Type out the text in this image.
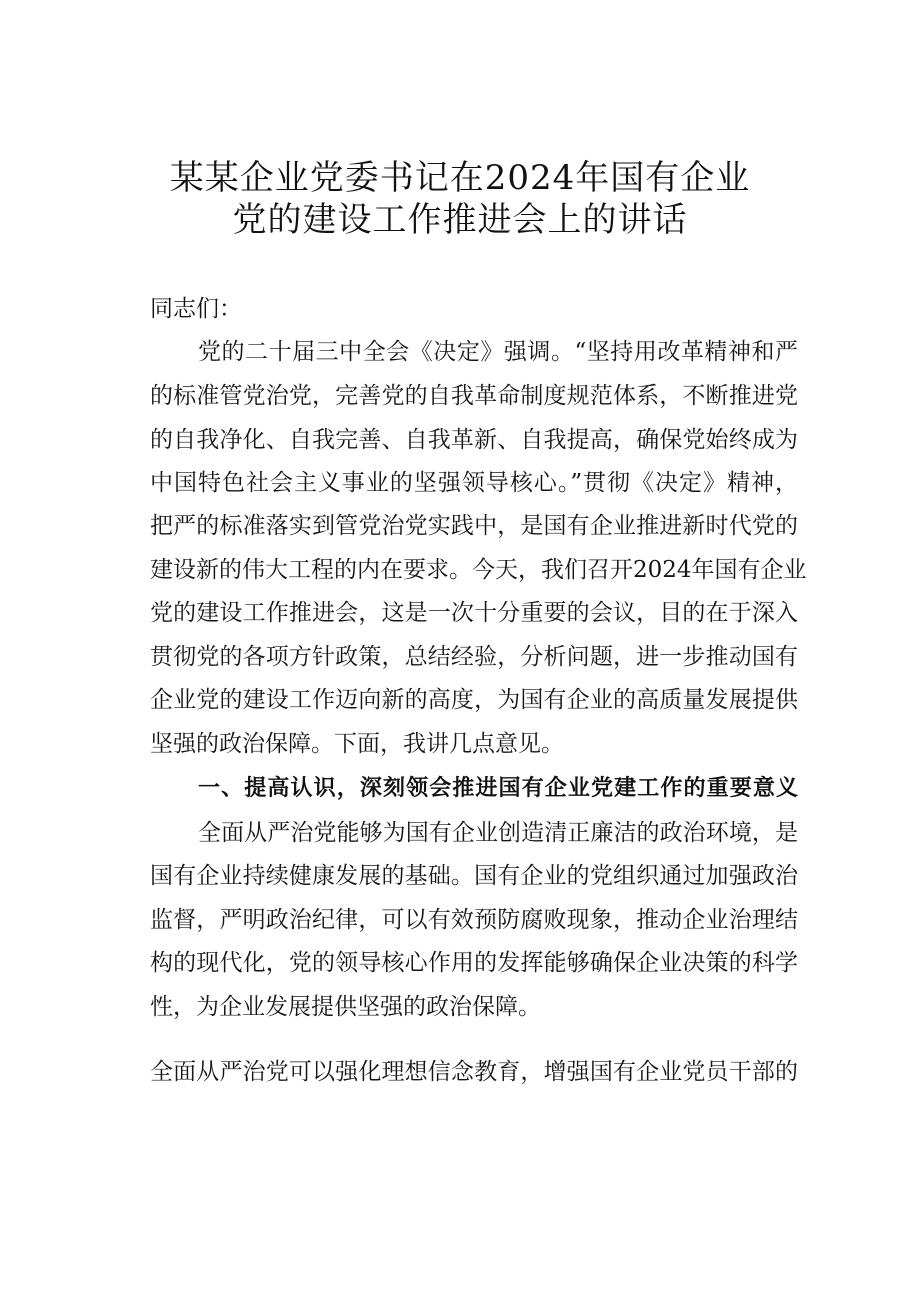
某某企业党委书记在2024年国有企业
党的建设工作推进会上的讲话
同志们：
党的二十届三中全会《决定》强调。“坚持用改革精神和严
的标准管党治党，完善党的自我革命制度规范体系，不断推进党
的自我净化、自我完善、自我革新、自我提高，确保党始终成为
中国特色社会主义事业的坚强领导核心。”贯彻《决定》精神，
把严的标准落实到管党治党实践中，是国有企业推进新时代党的
建设新的伟大工程的内在要求。今天，我们召开2024年国有企业
党的建设工作推进会，这是一次十分重要的会议，目的在于深入
贯彻党的各项方针政策，总结经验，分析问题，进一步推动国有
企业党的建设工作迈向新的高度，为国有企业的高质量发展提供
坚强的政治保障。下面，我讲几点意见。
一、提高认识，深刻领会推进国有企业党建工作的重要意义
全面从严治党能够为国有企业创造清正廉洁的政治环境，是
国有企业持续健康发展的基础。国有企业的党组织通过加强政治
监督，严明政治纪律，可以有效预防腐败现象，推动企业治理结
构的现代化，党的领导核心作用的发挥能够确保企业决策的科学
性，为企业发展提供坚强的政治保障。
全面从严治党可以强化理想信念教育，增强国有企业党员干部的
